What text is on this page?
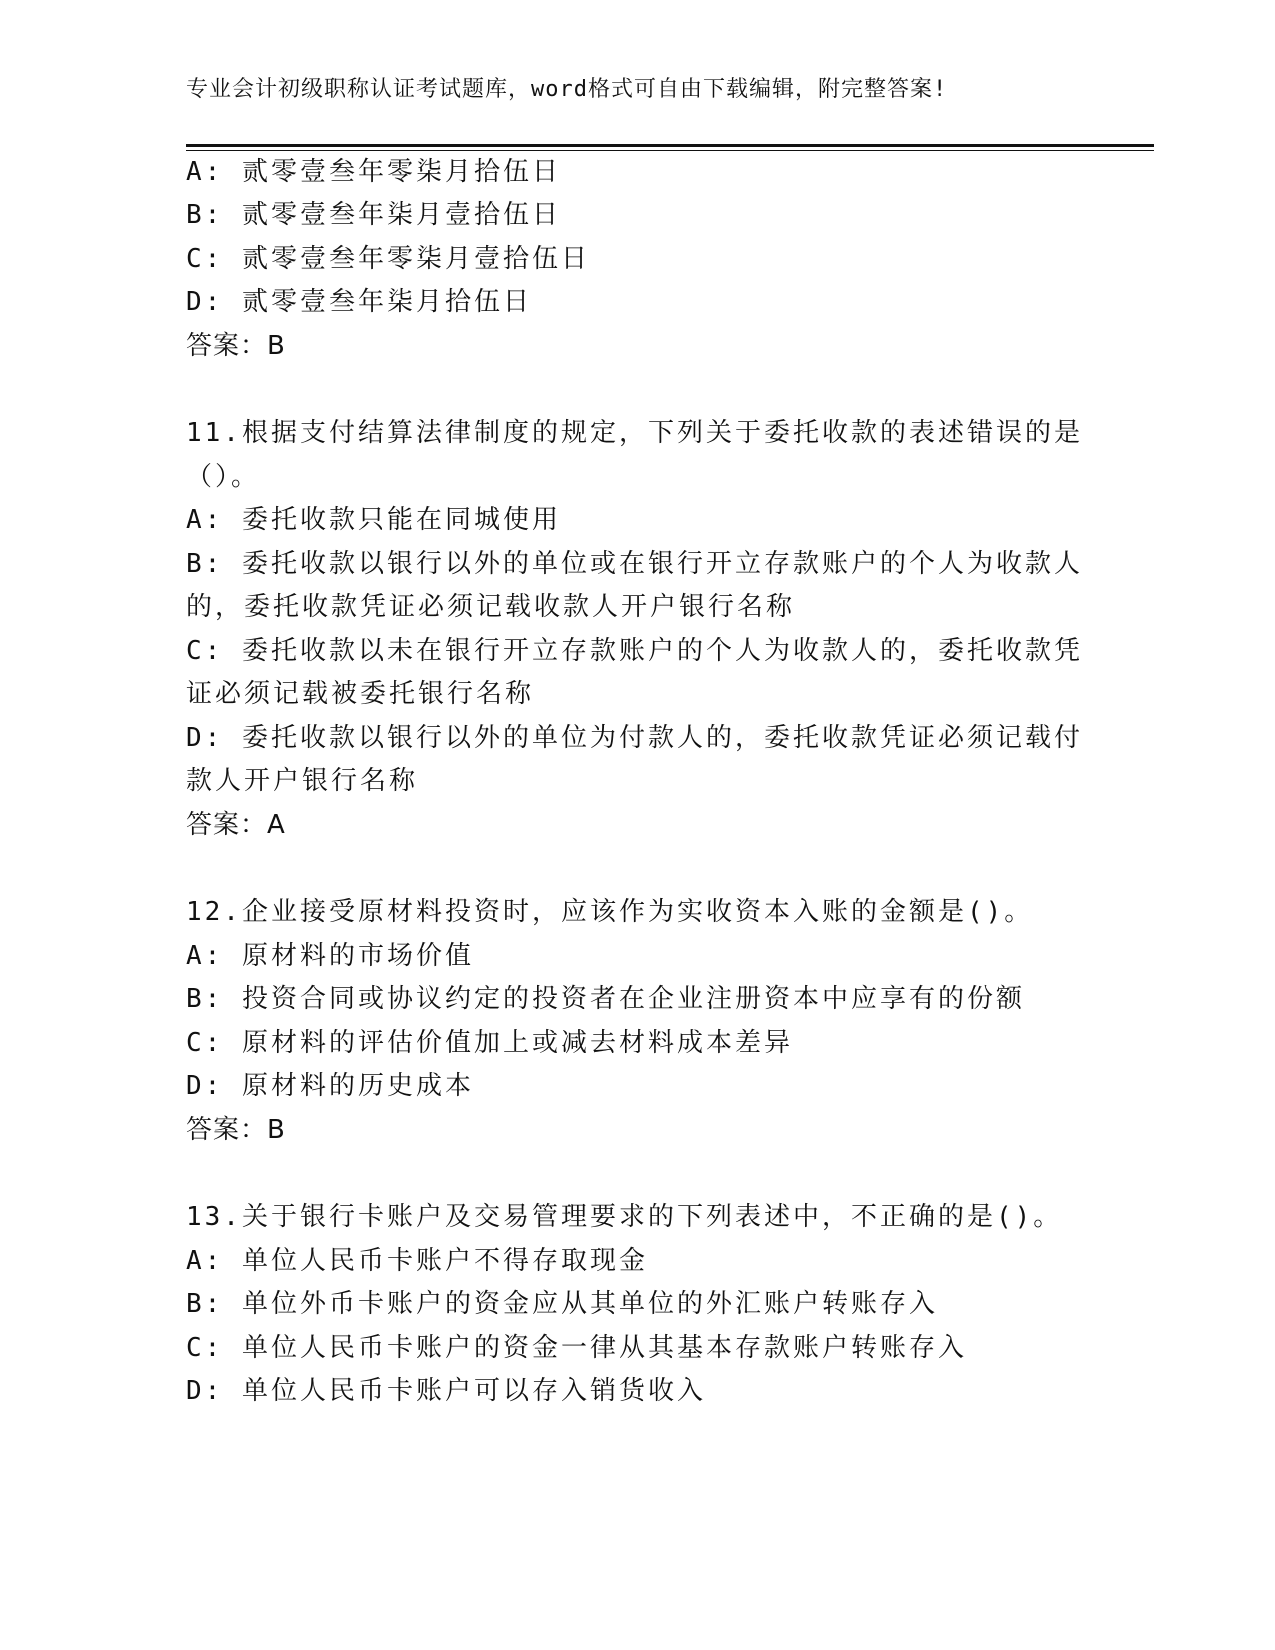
专业会计初级职称认证考试题库，word格式可自由下载编辑，附完整答案!
A: 贰零壹叁年零柒月拾伍日
B: 贰零壹叁年柒月壹拾伍日
C: 贰零壹叁年零柒月壹拾伍日
D: 贰零壹叁年柒月拾伍日
答案：B
11.根据支付结算法律制度的规定，下列关于委托收款的表述错误的是
（）。
A: 委托收款只能在同城使用
B: 委托收款以银行以外的单位或在银行开立存款账户的个人为收款人
的，委托收款凭证必须记载收款人开户银行名称
C: 委托收款以未在银行开立存款账户的个人为收款人的，委托收款凭
证必须记载被委托银行名称
D: 委托收款以银行以外的单位为付款人的，委托收款凭证必须记载付
款人开户银行名称
答案：A
12.企业接受原材料投资时，应该作为实收资本入账的金额是()。
A: 原材料的市场价值
B: 投资合同或协议约定的投资者在企业注册资本中应享有的份额
C: 原材料的评估价值加上或减去材料成本差异
D: 原材料的历史成本
答案：B
13.关于银行卡账户及交易管理要求的下列表述中，不正确的是()。
A: 单位人民币卡账户不得存取现金
B: 单位外币卡账户的资金应从其单位的外汇账户转账存入
C: 单位人民币卡账户的资金一律从其基本存款账户转账存入
D: 单位人民币卡账户可以存入销货收入
